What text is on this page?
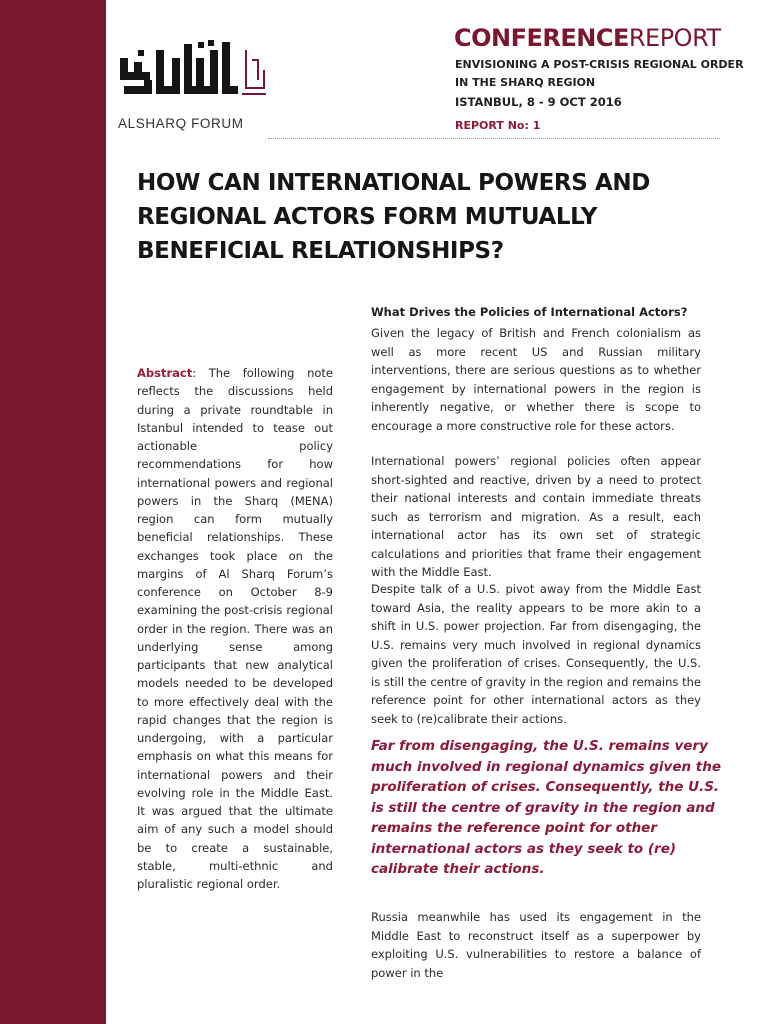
ALSHARQ FORUM
CONFERENCEREPORT
ENVISIONING A POST-CRISIS REGIONAL ORDER IN THE SHARQ REGION
ISTANBUL, 8 - 9 OCT 2016
REPORT No: 1
HOW CAN INTERNATIONAL POWERS AND
REGIONAL ACTORS FORM MUTUALLY
BENEFICIAL RELATIONSHIPS?
Abstract: The following note reflects the discussions held during a private roundtable in Istanbul intended to tease out actionable policy recommendations for how international powers and regional powers in the Sharq (MENA) region can form mutually beneficial relationships. These exchanges took place on the margins of Al Sharq Forum’s conference on October 8-9 examining the post-crisis regional order in the region. There was an underlying sense among participants that new analytical models needed to be developed to more effectively deal with the rapid changes that the region is undergoing, with a particular emphasis on what this means for international powers and their evolving role in the Middle East. It was argued that the ultimate aim of any such a model should be to create a sustainable, stable, multi-ethnic and pluralistic regional order.
What Drives the Policies of International Actors?
Given the legacy of British and French colonialism as well as more recent US and Russian military interventions, there are serious questions as to whether engagement by international powers in the region is inherently negative, or whether there is scope to encourage a more constructive role for these actors.
International powers’ regional policies often appear short-sighted and reactive, driven by a need to protect their national interests and contain immediate threats such as terrorism and migration. As a result, each international actor has its own set of strategic calculations and priorities that frame their engagement with the Middle East.
Despite talk of a U.S. pivot away from the Middle East toward Asia, the reality appears to be more akin to a shift in U.S. power projection. Far from disengaging, the U.S. remains very much involved in regional dynamics given the proliferation of crises. Consequently, the U.S. is still the centre of gravity in the region and remains the reference point for other international actors as they seek to (re)calibrate their actions.
Far from disengaging, the U.S. remains very much involved in regional dynamics given the proliferation of crises. Consequently, the U.S. is still the centre of gravity in the region and remains the reference point for other international actors as they seek to (re) calibrate their actions.
Russia meanwhile has used its engagement in the Middle East to reconstruct itself as a superpower by exploiting U.S. vulnerabilities to restore a balance of power in the
